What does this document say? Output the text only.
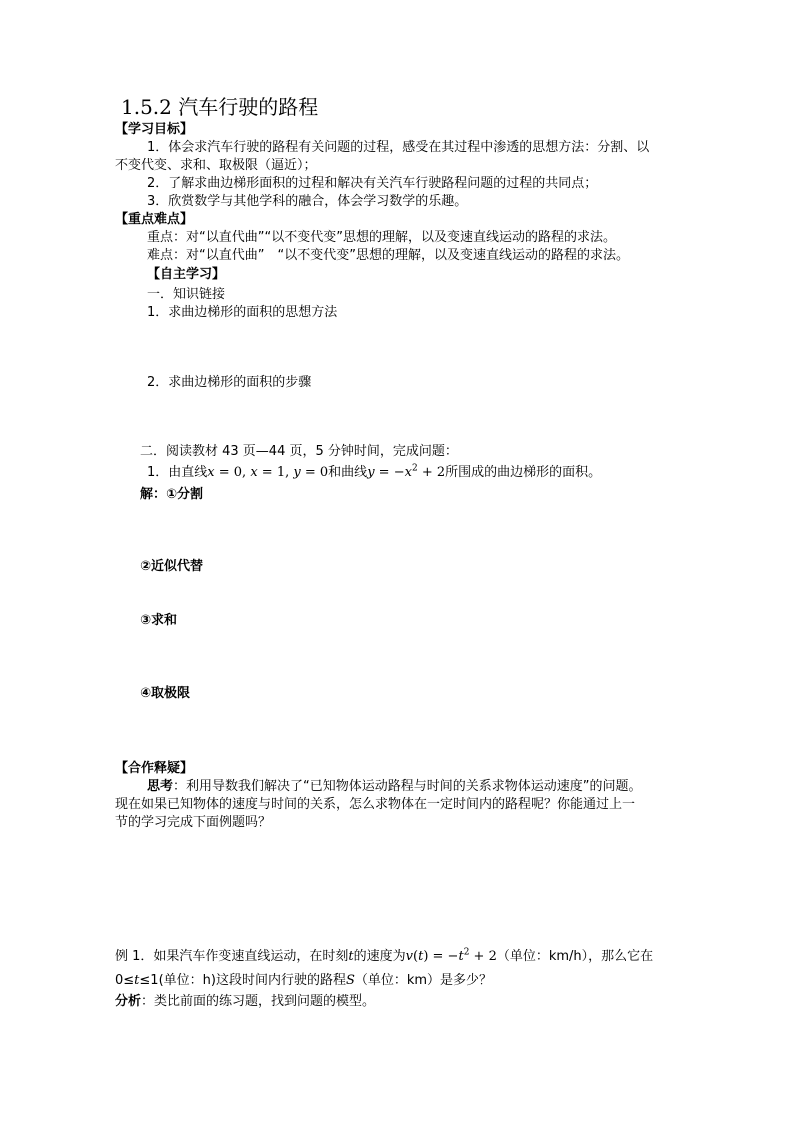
1.5.2 汽车行驶的路程
【学习目标】
1．体会求汽车行驶的路程有关问题的过程，感受在其过程中渗透的思想方法：分割、以
不变代变、求和、取极限（逼近）；
2．了解求曲边梯形面积的过程和解决有关汽车行驶路程问题的过程的共同点；
3．欣赏数学与其他学科的融合，体会学习数学的乐趣。
【重点难点】
重点：对“以直代曲”“以不变代变”思想的理解，以及变速直线运动的路程的求法。
难点：对“以直代曲”　“以不变代变”思想的理解，以及变速直线运动的路程的求法。
【自主学习】
一．知识链接
1．求曲边梯形的面积的思想方法
2．求曲边梯形的面积的步骤
二．阅读教材 43 页—44 页，5 分钟时间，完成问题：
1．由直线x = 0, x = 1, y = 0和曲线$y = -x^2 + 2$所围成的曲边梯形的面积。
解：①分割
②近似代替
③求和
④取极限
【合作释疑】
思考：利用导数我们解决了“已知物体运动路程与时间的关系求物体运动速度”的问题。
现在如果已知物体的速度与时间的关系，怎么求物体在一定时间内的路程呢？你能通过上一
节的学习完成下面例题吗？
例 1．如果汽车作变速直线运动，在时刻t的速度为$v(t) = -t^2 + 2$（单位：km/h），那么它在
0≤t≤1(单位：h)这段时间内行驶的路程S（单位：km）是多少？
分析：类比前面的练习题，找到问题的模型。
